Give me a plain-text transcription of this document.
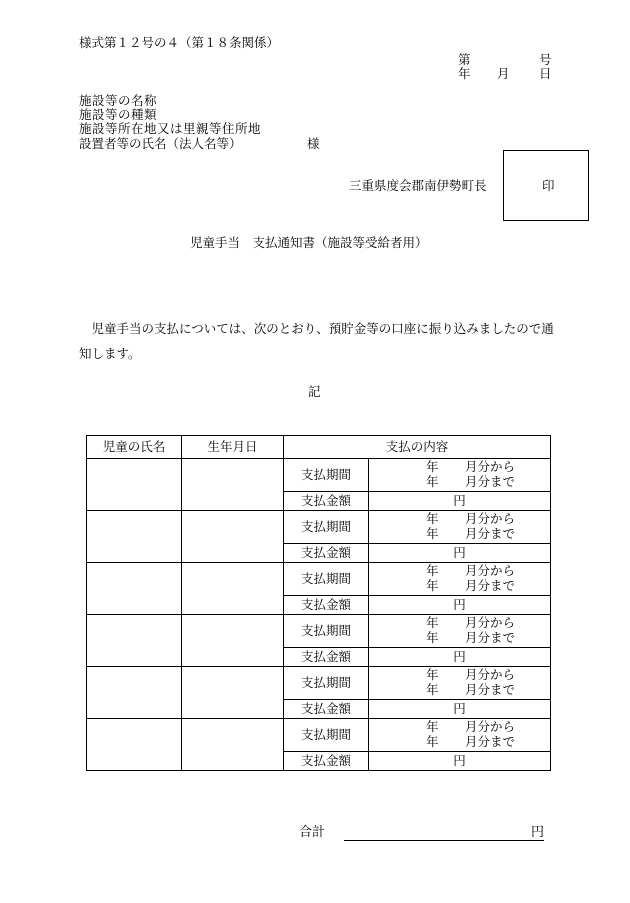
様式第１２号の４（第１８条関係）
第	号
年 月 日
施設等の名称
施設等の種類
施設等所在地又は里親等住所地
設置者等の氏名（法人名等）	様
三重県度会郡南伊勢町長	印
児童手当　支払通知書（施設等受給者用）
　児童手当の支払については、次のとおり、預貯金等の口座に振り込みましたので通知します。
記
児童の氏名	生年月日	支払の内容	
		支払期間	年 月分から
年 月分まで

		支払金額	円
		支払期間	年 月分から
年 月分まで

		支払金額	円
		支払期間	年 月分から
年 月分まで

		支払金額	円
		支払期間	年 月分から
年 月分まで

		支払金額	円
		支払期間	年 月分から
年 月分まで

		支払金額	円
		支払期間	年 月分から
年 月分まで

		支払金額	円
合計	円
